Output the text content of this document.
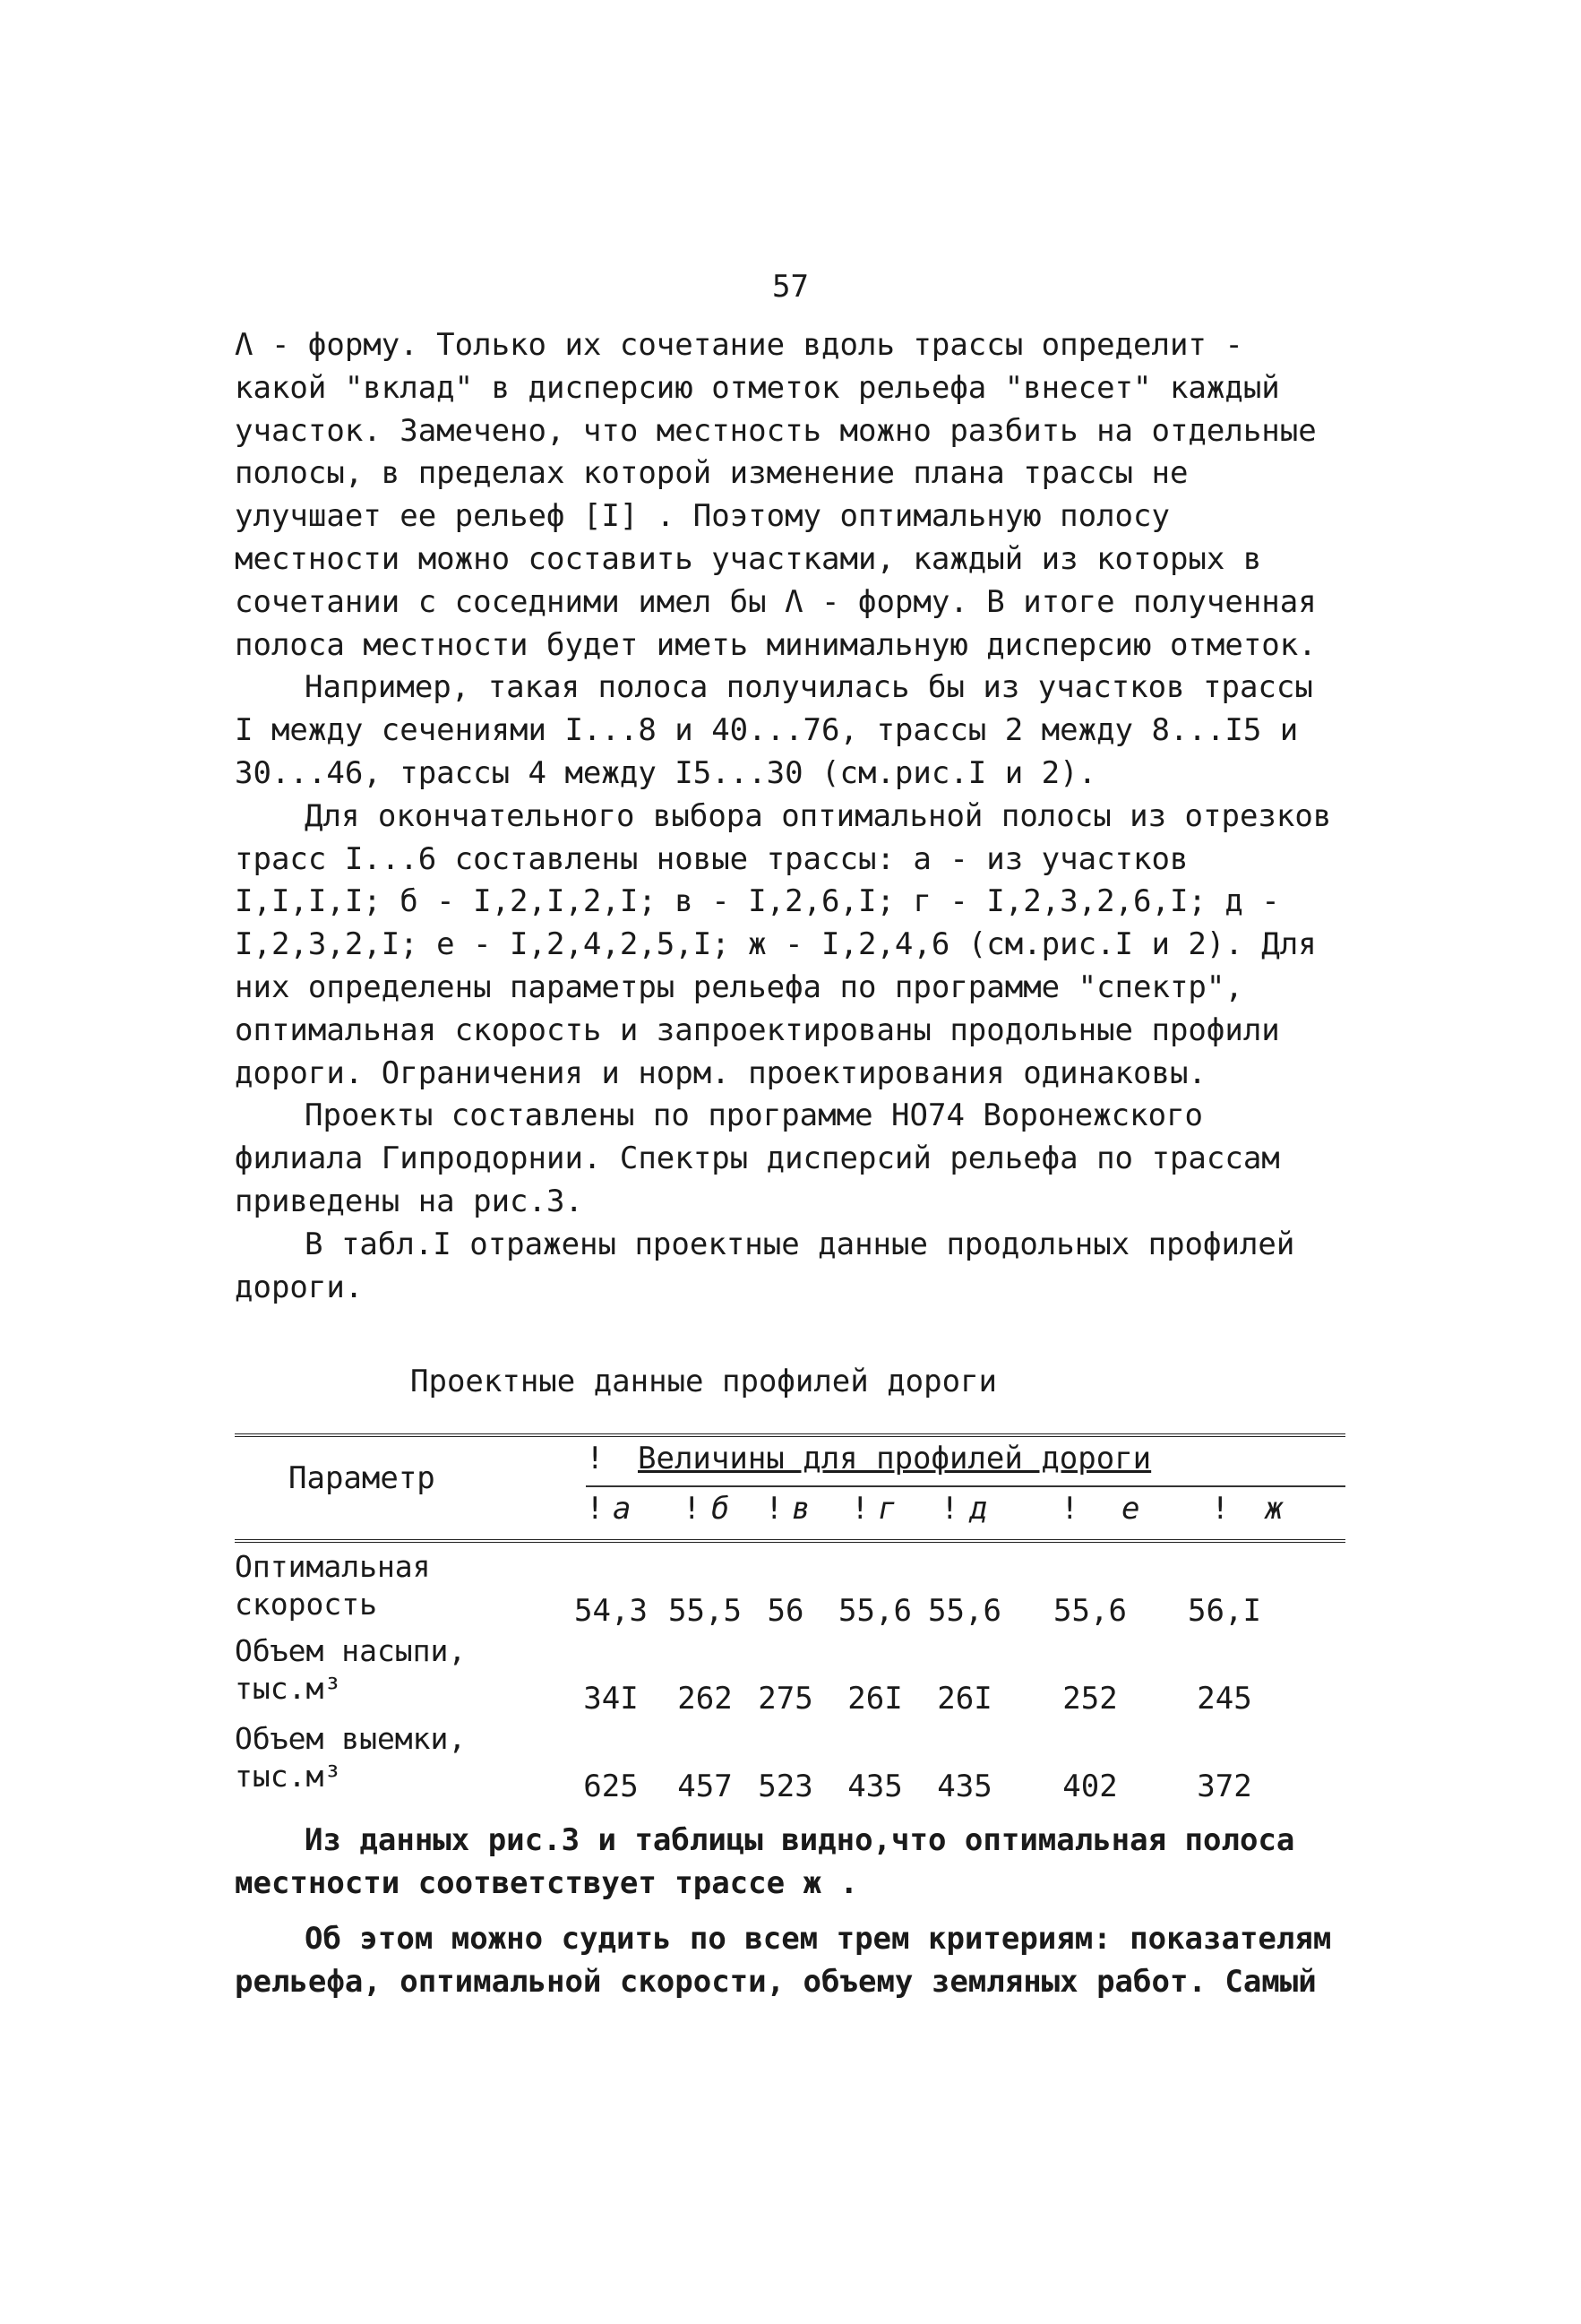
57

Λ - форму. Только их сочетание вдоль трассы определит - какой "вклад" в дисперсию отметок рельефа "внесет" каждый участок. Замечено, что местность можно разбить на отдельные полосы, в пределах которой изменение плана трассы не улучшает ее рельеф [I] . Поэтому оптимальную полосу местности можно составить участками, каждый из которых в сочетании с соседними имел бы Λ - форму. В итоге полученная полоса местности будет иметь минимальную дисперсию отметок.

Например, такая полоса получилась бы из участков трассы I между сечениями I...8 и 40...76, трассы 2 между 8...I5 и 30...46, трассы 4 между I5...30 (см.рис.I и 2).

Для окончательного выбора оптимальной полосы из отрезков трасс I...6 составлены новые трассы: а - из участков I,I,I,I; б - I,2,I,2,I; в - I,2,6,I; г - I,2,3,2,6,I; д - I,2,3,2,I; е - I,2,4,2,5,I; ж - I,2,4,6 (см.рис.I и 2). Для них определены параметры рельефа по программе "спектр", оптимальная скорость и запроектированы продольные профили дороги. Ограничения и норм. проектирования одинаковы.

Проекты составлены по программе НО74 Воронежского филиала Гипродорнии. Спектры дисперсий рельефа по трассам приведены на рис.3.

В табл.I отражены проектные данные продольных профилей дороги.

Проектные данные профилей дороги
Параметр
! Величины для профилей дороги
! а ! б ! в ! г ! д ! е ! ж
Оптимальная
скорость	54,3 55,5 56	55,6 55,6	55,6	56,I
Объем насыпи,
тыс.м³	34I	262 275	26I	26I	252	245
Объем выемки,
тыс.м³	625	457 523	435	435	402	372

Из данных рис.3 и таблицы видно,что оптимальная полоса местности соответствует трассе ж .

Об этом можно судить по всем трем критериям: показателям рельефа, оптимальной скорости, объему земляных работ. Самый
